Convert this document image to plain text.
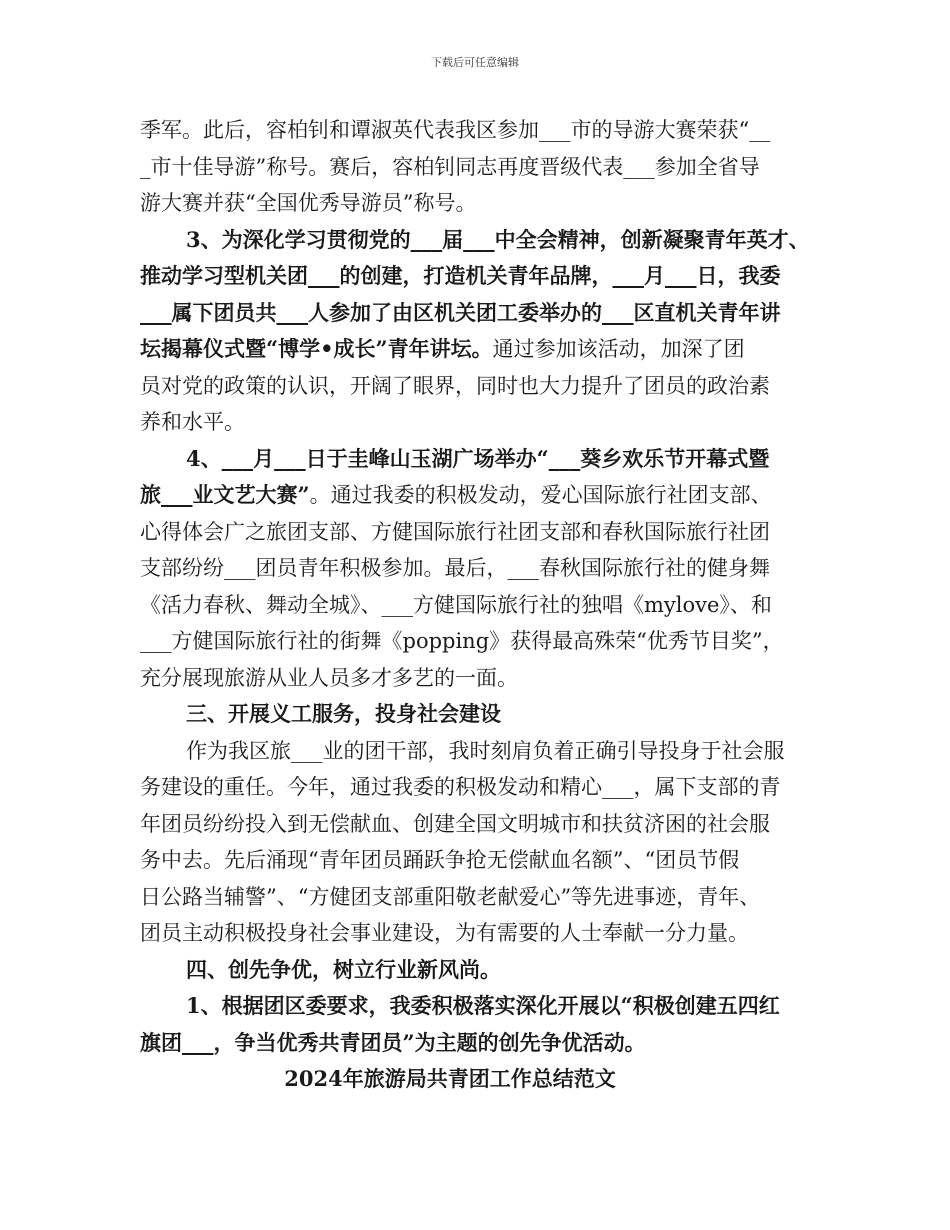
下载后可任意编辑
季军。此后，容柏钊和谭淑英代表我区参加___市的导游大赛荣获“__
_市十佳导游”称号。赛后，容柏钊同志再度晋级代表___参加全省导
游大赛并获“全国优秀导游员”称号。
3、为深化学习贯彻党的___届___中全会精神，创新凝聚青年英才、
推动学习型机关团___的创建，打造机关青年品牌，___月___日，我委
___属下团员共___人参加了由区机关团工委举办的___区直机关青年讲
坛揭幕仪式暨“博学•成长”青年讲坛。通过参加该活动，加深了团
员对党的政策的认识，开阔了眼界，同时也大力提升了团员的政治素
养和水平。
4、___月___日于圭峰山玉湖广场举办“___葵乡欢乐节开幕式暨
旅___业文艺大赛”。通过我委的积极发动，爱心国际旅行社团支部、
心得体会广之旅团支部、方健国际旅行社团支部和春秋国际旅行社团
支部纷纷___团员青年积极参加。最后，___春秋国际旅行社的健身舞
《活力春秋、舞动全城》、___方健国际旅行社的独唱《mylove》、和
___方健国际旅行社的街舞《popping》获得最高殊荣“优秀节目奖”，
充分展现旅游从业人员多才多艺的一面。
三、开展义工服务，投身社会建设
作为我区旅___业的团干部，我时刻肩负着正确引导投身于社会服
务建设的重任。今年，通过我委的积极发动和精心___，属下支部的青
年团员纷纷投入到无偿献血、创建全国文明城市和扶贫济困的社会服
务中去。先后涌现“青年团员踊跃争抢无偿献血名额”、“团员节假
日公路当辅警”、“方健团支部重阳敬老献爱心”等先进事迹，青年、
团员主动积极投身社会事业建设，为有需要的人士奉献一分力量。
四、创先争优，树立行业新风尚。
1、根据团区委要求，我委积极落实深化开展以“积极创建五四红
旗团___，争当优秀共青团员”为主题的创先争优活动。
2024年旅游局共青团工作总结范文
